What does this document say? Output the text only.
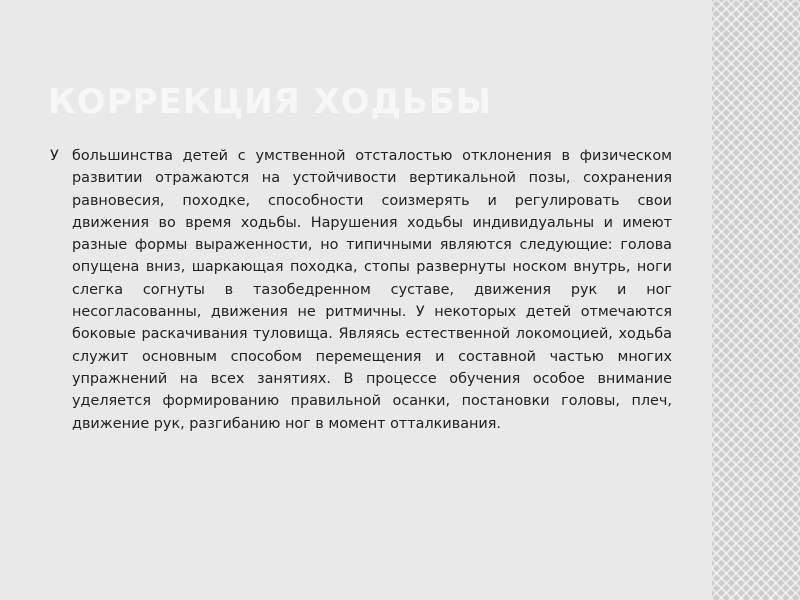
КОРРЕКЦИЯ ХОДЬБЫ
У большинства детей с умственной отсталостью отклонения в физическом развитии отражаются на устойчивости вертикальной позы, сохранения равновесия, походке, способности соизмерять и регулировать свои движения во время ходьбы. Нарушения ходьбы индивидуальны и имеют разные формы выраженности, но типичными являются следующие: голова опущена вниз, шаркающая походка, стопы развернуты носком внутрь, ноги слегка согнуты в тазобедренном суставе, движения рук и ног несогласованны, движения не ритмичны. У некоторых детей отмечаются боковые раскачивания туловища. Являясь естественной локомоцией, ходьба служит основным способом перемещения и составной частью многих упражнений на всех занятиях. В процессе обучения особое внимание уделяется формированию правильной осанки, постановки головы, плеч, движение рук, разгибанию ног в момент отталкивания.
